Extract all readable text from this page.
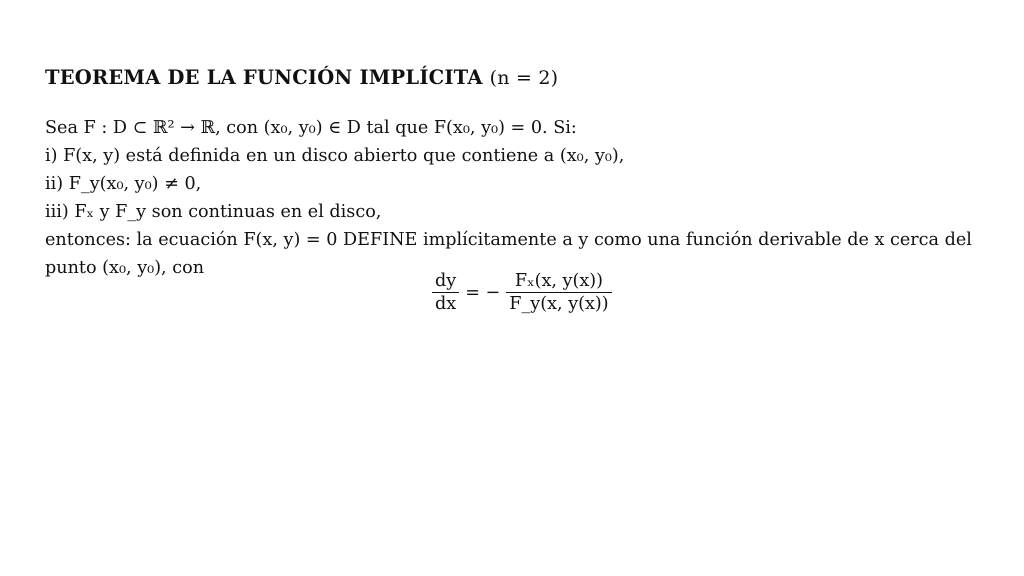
TEOREMA DE LA FUNCIÓN IMPLÍCITA (n = 2)
Sea F : D ⊂ ℝ² → ℝ, con (x₀, y₀) ∈ D tal que F(x₀, y₀) = 0. Si:
i) F(x, y) está definida en un disco abierto que contiene a (x₀, y₀),
ii) F_y(x₀, y₀) ≠ 0,
iii) Fₓ y F_y son continuas en el disco,
entonces: la ecuación F(x, y) = 0 DEFINE implícitamente a y como una función derivable de x cerca del
punto (x₀, y₀), con
$\frac{dy}{dx}$ = − $\frac{\text{Fₓ(x, y(x))}}{F\_y(x, y(x))}$
